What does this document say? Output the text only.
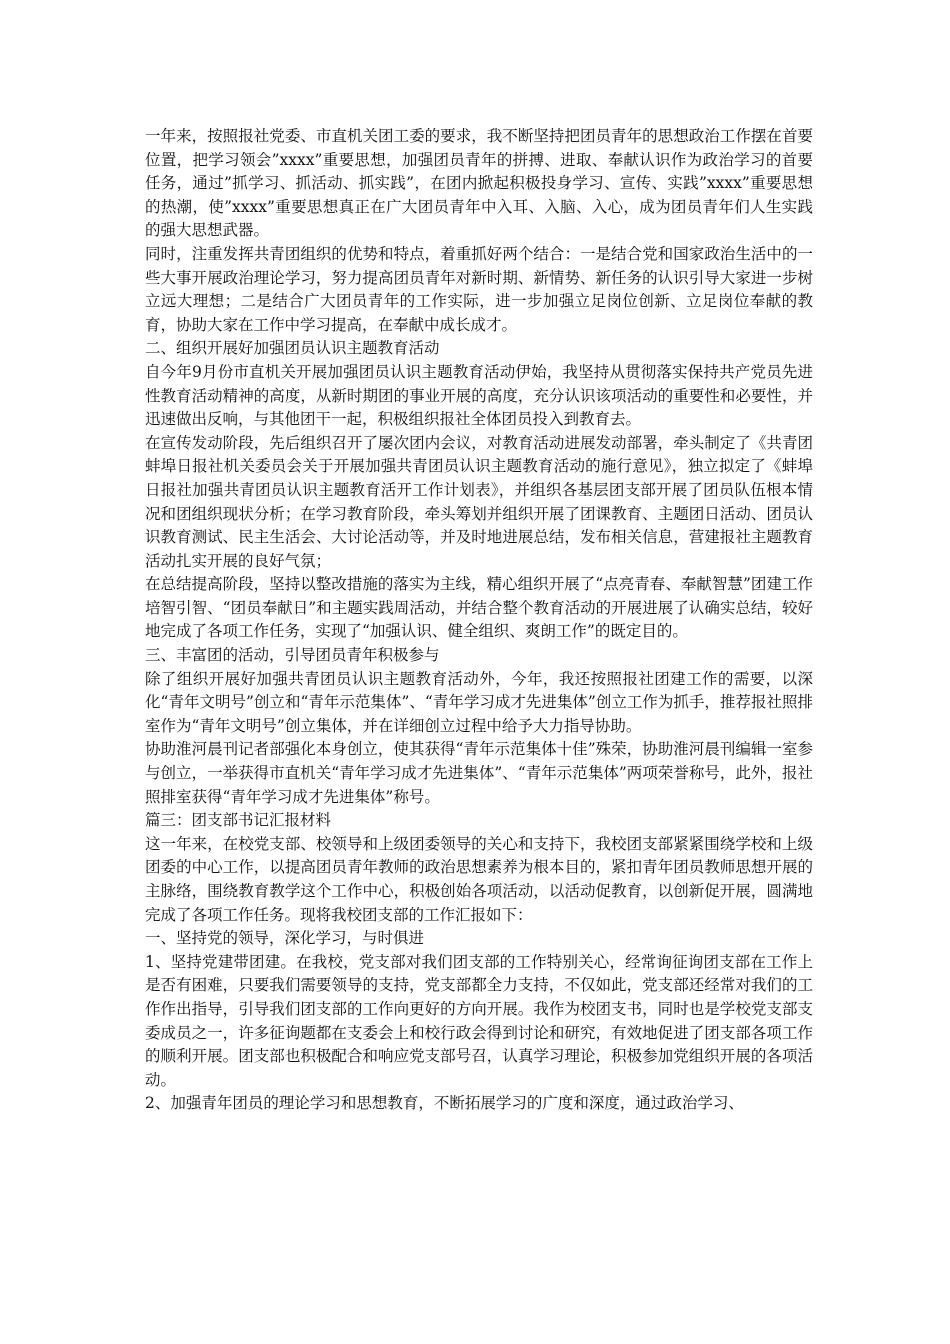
一年来，按照报社党委、市直机关团工委的要求，我不断坚持把团员青年的思想政治工作摆在首要位置，把学习领会”xxxx”重要思想，加强团员青年的拼搏、进取、奉献认识作为政治学习的首要任务，通过”抓学习、抓活动、抓实践”，在团内掀起积极投身学习、宣传、实践”xxxx”重要思想的热潮，使”xxxx”重要思想真正在广大团员青年中入耳、入脑、入心，成为团员青年们人生实践的强大思想武器。

同时，注重发挥共青团组织的优势和特点，着重抓好两个结合：一是结合党和国家政治生活中的一些大事开展政治理论学习，努力提高团员青年对新时期、新情势、新任务的认识引导大家进一步树立远大理想；二是结合广大团员青年的工作实际，进一步加强立足岗位创新、立足岗位奉献的教育，协助大家在工作中学习提高，在奉献中成长成才。

二、组织开展好加强团员认识主题教育活动

自今年9月份市直机关开展加强团员认识主题教育活动伊始，我坚持从贯彻落实保持共产党员先进性教育活动精神的高度，从新时期团的事业开展的高度，充分认识该项活动的重要性和必要性，并迅速做出反响，与其他团干一起，积极组织报社全体团员投入到教育去。

在宣传发动阶段，先后组织召开了屡次团内会议，对教育活动进展发动部署，牵头制定了《共青团蚌埠日报社机关委员会关于开展加强共青团员认识主题教育活动的施行意见》，独立拟定了《蚌埠日报社加强共青团员认识主题教育活开工作计划表》，并组织各基层团支部开展了团员队伍根本情况和团组织现状分析；在学习教育阶段，牵头筹划并组织开展了团课教育、主题团日活动、团员认识教育测试、民主生活会、大讨论活动等，并及时地进展总结，发布相关信息，营建报社主题教育活动扎实开展的良好气氛；

在总结提高阶段，坚持以整改措施的落实为主线，精心组织开展了“点亮青春、奉献智慧”团建工作培智引智、“团员奉献日”和主题实践周活动，并结合整个教育活动的开展进展了认确实总结，较好地完成了各项工作任务，实现了“加强认识、健全组织、爽朗工作”的既定目的。

三、丰富团的活动，引导团员青年积极参与

除了组织开展好加强共青团员认识主题教育活动外，今年，我还按照报社团建工作的需要，以深化“青年文明号”创立和“青年示范集体”、“青年学习成才先进集体”创立工作为抓手，推荐报社照排室作为“青年文明号”创立集体，并在详细创立过程中给予大力指导协助。

协助淮河晨刊记者部强化本身创立，使其获得“青年示范集体十佳”殊荣，协助淮河晨刊编辑一室参与创立，一举获得市直机关“青年学习成才先进集体”、“青年示范集体”两项荣誉称号，此外，报社照排室获得“青年学习成才先进集体”称号。

篇三：团支部书记汇报材料

这一年来，在校党支部、校领导和上级团委领导的关心和支持下，我校团支部紧紧围绕学校和上级团委的中心工作，以提高团员青年教师的政治思想素养为根本目的，紧扣青年团员教师思想开展的主脉络，围绕教育教学这个工作中心，积极创始各项活动，以活动促教育，以创新促开展，圆满地完成了各项工作任务。现将我校团支部的工作汇报如下：

一、坚持党的领导，深化学习，与时俱进

1、坚持党建带团建。在我校，党支部对我们团支部的工作特别关心，经常询征询团支部在工作上是否有困难，只要我们需要领导的支持，党支部都全力支持，不仅如此，党支部还经常对我们的工作作出指导，引导我们团支部的工作向更好的方向开展。我作为校团支书，同时也是学校党支部支委成员之一，许多征询题都在支委会上和校行政会得到讨论和研究，有效地促进了团支部各项工作的顺利开展。团支部也积极配合和响应党支部号召，认真学习理论，积极参加党组织开展的各项活动。

2、加强青年团员的理论学习和思想教育，不断拓展学习的广度和深度，通过政治学习、
